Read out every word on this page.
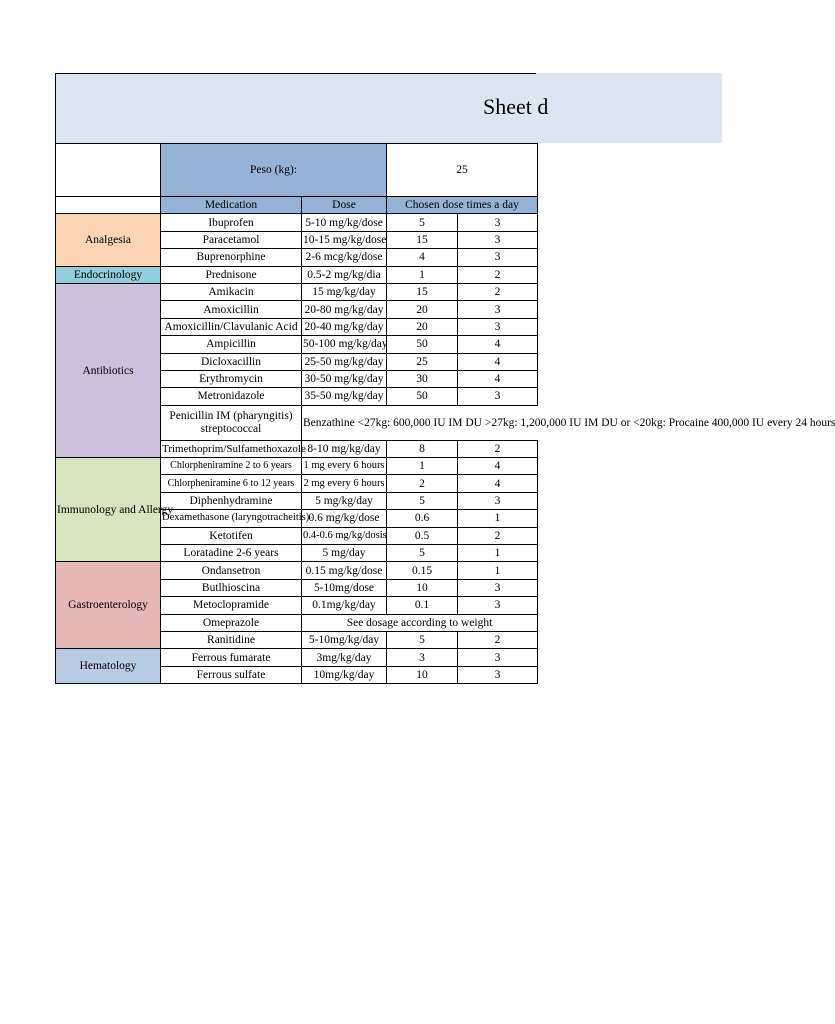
Sheet d
	Peso (kg):		25	
	Medication	Dose	Chosen dose times a day	
Analgesia	Ibuprofen	5-10 mg/kg/dose	5	3
	Paracetamol	10-15 mg/kg/dose	15	3
	Buprenorphine	2-6 mcg/kg/dose	4	3
Endocrinology	Prednisone	0.5-2 mg/kg/dia	1	2
Antibiotics	Amikacin	15 mg/kg/day	15	2
	Amoxicillin	20-80 mg/kg/day	20	3
	Amoxicillin/Clavulanic Acid	20-40 mg/kg/day	20	3
	Ampicillin	50-100 mg/kg/day	50	4
	Dicloxacillin	25-50 mg/kg/day	25	4
	Erythromycin	30-50 mg/kg/day	30	4
	Metronidazole	35-50 mg/kg/day	50	3
	Penicillin IM (pharyngitis) streptococcal	Benzathine <27kg: 600,000 IU IM DU >27kg: 1,200,000 IU IM DU or <20kg: Procaine 400,000 IU every 24 hours		
	Trimethoprim/Sulfamethoxazole	8-10 mg/kg/day	8	2
Immunology and Allergy	Chlorpheniramine 2 to 6 years	1 mg every 6 hours	1	4
	Chlorpheniramine 6 to 12 years	2 mg every 6 hours	2	4
	Diphenhydramine	5 mg/kg/day	5	3
	Dexamethasone (laryngotracheitis)	0.6 mg/kg/dose	0.6	1
	Ketotifen	0.4-0.6 mg/kg/dosis	0.5	2
	Loratadine 2-6 years	5 mg/day	5	1
Gastroenterology	Ondansetron	0.15 mg/kg/dose	0.15	1
	Butlhioscina	5-10mg/dose	10	3
	Metoclopramide	0.1mg/kg/day	0.1	3
	Omeprazole	See dosage according to weight		
	Ranitidine	5-10mg/kg/day	5	2
Hematology	Ferrous fumarate	3mg/kg/day	3	3
	Ferrous sulfate	10mg/kg/day	10	3
